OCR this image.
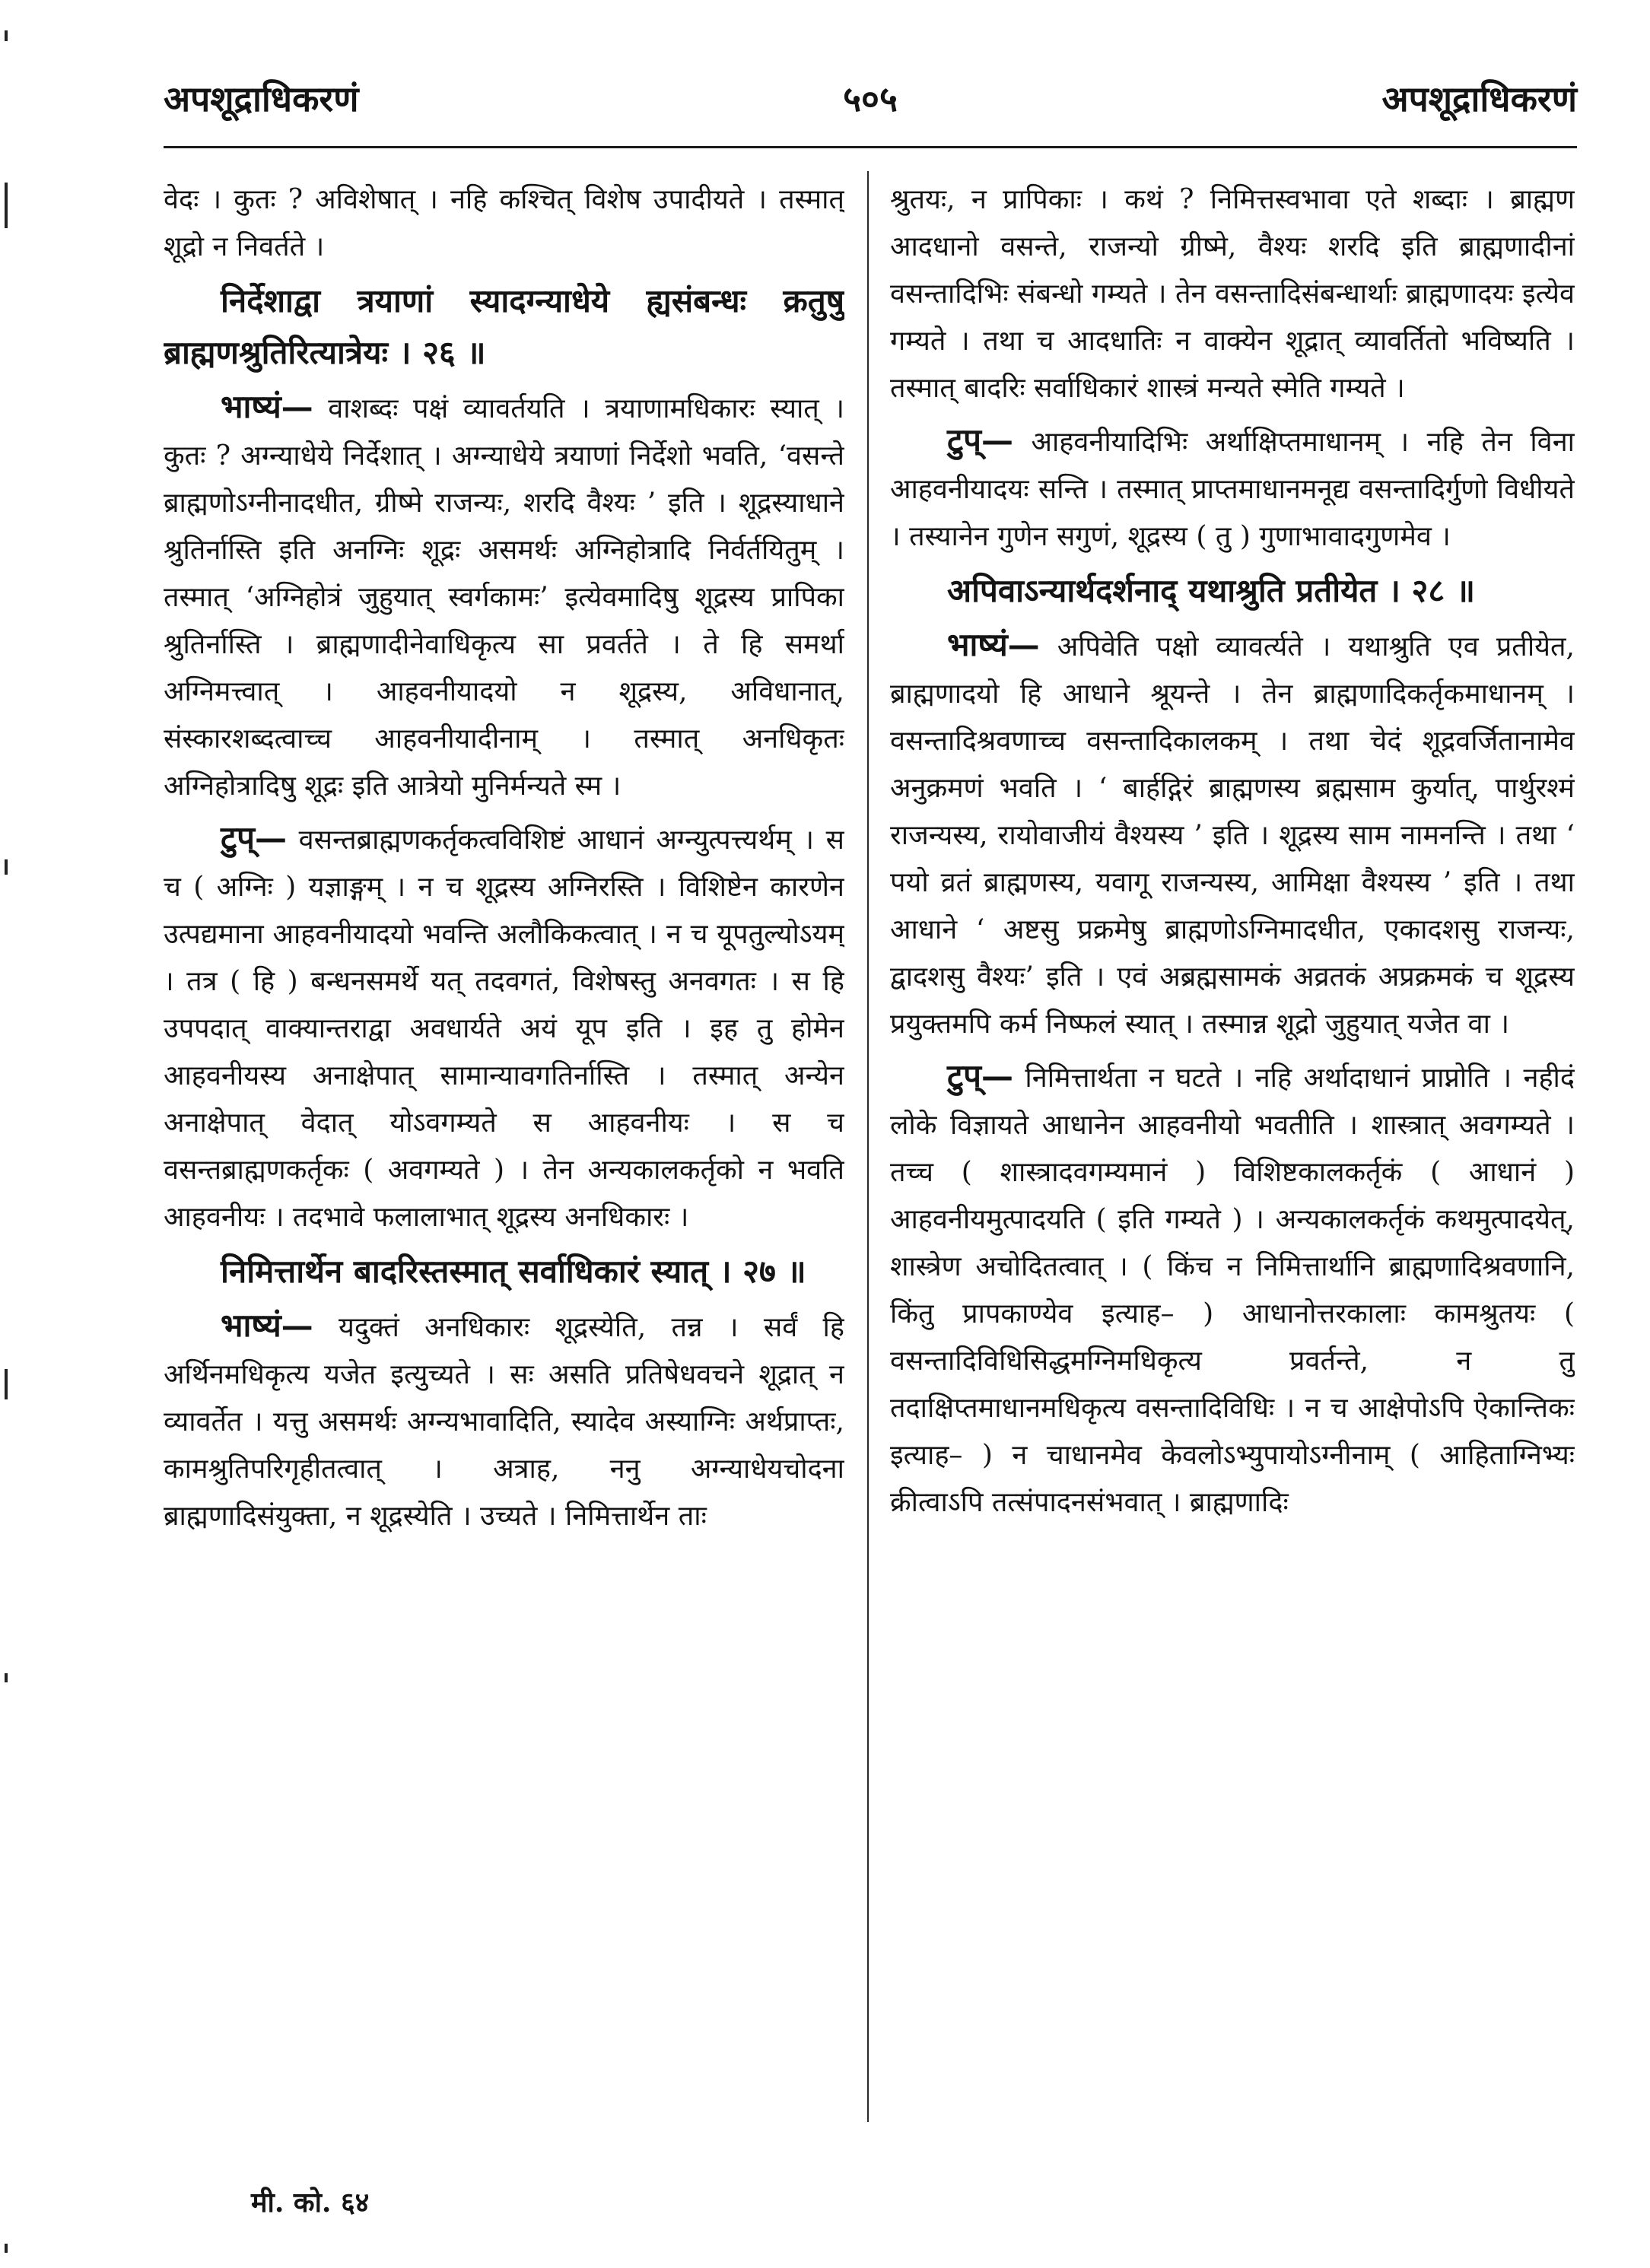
५०५
अपशूद्राधिकरणं	अपशूद्राधिकरणं

वेदः । कुतः ? अविशेषात् । नहि कश्चित् विशेष उपादीयते । तस्मात् शूद्रो न निवर्तते ।

निर्देशाद्वा त्रयाणां स्यादग्न्याधेये ह्यसंबन्धः क्रतुषु ब्राह्मणश्रुतिरित्यात्रेयः । २६ ॥

भाष्यं— वाशब्दः पक्षं व्यावर्तयति । त्रयाणामधिकारः स्यात् । कुतः ? अग्न्याधेये निर्देशात् । अग्न्याधेये त्रयाणां निर्देशो भवति, ‘वसन्ते ब्राह्मणोऽग्नीनादधीत, ग्रीष्मे राजन्यः, शरदि वैश्यः ’ इति । शूद्रस्याधाने श्रुतिर्नास्ति इति अनग्निः शूद्रः असमर्थः अग्निहोत्रादि निर्वर्तयितुम् । तस्मात् ‘अग्निहोत्रं जुहुयात् स्वर्गकामः’ इत्येवमादिषु शूद्रस्य प्रापिका श्रुतिर्नास्ति । ब्राह्मणादीनेवाधिकृत्य सा प्रवर्तते । ते हि समर्था अग्निमत्त्वात् । आहवनीयादयो न शूद्रस्य, अविधानात्, संस्कारशब्दत्वाच्च आहवनीयादीनाम् । तस्मात् अनधिकृतः अग्निहोत्रादिषु शूद्रः इति आत्रेयो मुनिर्मन्यते स्म ।

टुप्— वसन्तब्राह्मणकर्तृकत्वविशिष्टं आधानं अग्न्युत्पत्त्यर्थम् । स च ( अग्निः ) यज्ञाङ्गम् । न च शूद्रस्य अग्निरस्ति । विशिष्टेन कारणेन उत्पद्यमाना आहवनीयादयो भवन्ति अलौकिकत्वात् । न च यूपतुल्योऽयम् । तत्र ( हि ) बन्धनसमर्थे यत् तदवगतं, विशेषस्तु अनवगतः । स हि उपपदात् वाक्यान्तराद्वा अवधार्यते अयं यूप इति । इह तु होमेन आहवनीयस्य अनाक्षेपात् सामान्यावगतिर्नास्ति । तस्मात् अन्येन अनाक्षेपात् वेदात् योऽवगम्यते स आहवनीयः । स च वसन्तब्राह्मणकर्तृकः ( अवगम्यते ) । तेन अन्यकालकर्तृको न भवति आहवनीयः । तदभावे फलालाभात् शूद्रस्य अनधिकारः ।

निमित्तार्थेन बादरिस्तस्मात् सर्वाधिकारं स्यात् । २७ ॥

भाष्यं— यदुक्तं अनधिकारः शूद्रस्येति, तन्न । सर्वं हि अर्थिनमधिकृत्य यजेत इत्युच्यते । सः असति प्रतिषेधवचने शूद्रात् न व्यावर्तेत । यत्तु असमर्थः अग्न्यभावादिति, स्यादेव अस्याग्निः अर्थप्राप्तः, कामश्रुतिपरिगृहीतत्वात् । अत्राह, ननु अग्न्याधेयचोदना ब्राह्मणादिसंयुक्ता, न शूद्रस्येति । उच्यते । निमित्तार्थेन ताः

श्रुतयः, न प्रापिकाः । कथं ? निमित्तस्वभावा एते शब्दाः । ब्राह्मण आदधानो वसन्ते, राजन्यो ग्रीष्मे, वैश्यः शरदि इति ब्राह्मणादीनां वसन्तादिभिः संबन्धो गम्यते । तेन वसन्तादिसंबन्धार्थाः ब्राह्मणादयः इत्येव गम्यते । तथा च आदधातिः न वाक्येन शूद्रात् व्यावर्तितो भविष्यति । तस्मात् बादरिः सर्वाधिकारं शास्त्रं मन्यते स्मेति गम्यते ।

टुप्— आहवनीयादिभिः अर्थाक्षिप्तमाधानम् । नहि तेन विना आहवनीयादयः सन्ति । तस्मात् प्राप्तमाधानमनूद्य वसन्तादिर्गुणो विधीयते । तस्यानेन गुणेन सगुणं, शूद्रस्य ( तु ) गुणाभावादगुणमेव ।

अपिवाऽन्यार्थदर्शनाद् यथाश्रुति प्रतीयेत । २८ ॥

भाष्यं— अपिवेति पक्षो व्यावर्त्यते । यथाश्रुति एव प्रतीयेत, ब्राह्मणादयो हि आधाने श्रूयन्ते । तेन ब्राह्मणादिकर्तृकमाधानम् । वसन्तादिश्रवणाच्च वसन्तादिकालकम् । तथा चेदं शूद्रवर्जितानामेव अनुक्रमणं भवति । ‘ बार्हद्गिरं ब्राह्मणस्य ब्रह्मसाम कुर्यात्, पार्थुरश्मं राजन्यस्य, रायोवाजीयं वैश्यस्य ’ इति । शूद्रस्य साम नामनन्ति । तथा ‘ पयो व्रतं ब्राह्मणस्य, यवागू राजन्यस्य, आमिक्षा वैश्यस्य ’ इति । तथा आधाने ‘ अष्टसु प्रक्रमेषु ब्राह्मणोऽग्निमादधीत, एकादशसु राजन्यः, द्वादशसु वैश्यः’ इति । एवं अब्रह्मसामकं अव्रतकं अप्रक्रमकं च शूद्रस्य प्रयुक्तमपि कर्म निष्फलं स्यात् । तस्मान्न शूद्रो जुहुयात् यजेत वा ।

टुप्— निमित्तार्थता न घटते । नहि अर्थादाधानं प्राप्नोति । नहीदं लोके विज्ञायते आधानेन आहवनीयो भवतीति । शास्त्रात् अवगम्यते । तच्च ( शास्त्रादवगम्यमानं ) विशिष्टकालकर्तृकं ( आधानं ) आहवनीयमुत्पादयति ( इति गम्यते ) । अन्यकालकर्तृकं कथमुत्पादयेत्, शास्त्रेण अचोदितत्वात् । ( किंच न निमित्तार्थानि ब्राह्मणादिश्रवणानि, किंतु प्रापकाण्येव इत्याह– ) आधानोत्तरकालाः कामश्रुतयः ( वसन्तादिविधिसिद्धमग्निमधिकृत्य प्रवर्तन्ते, न तु तदाक्षिप्तमाधानमधिकृत्य वसन्तादिविधिः । न च आक्षेपोऽपि ऐकान्तिकः इत्याह– ) न चाधानमेव केवलोऽभ्युपायोऽग्नीनाम् ( आहिताग्निभ्यः क्रीत्वाऽपि तत्संपादनसंभवात् । ब्राह्मणादिः

मी. को. ६४
